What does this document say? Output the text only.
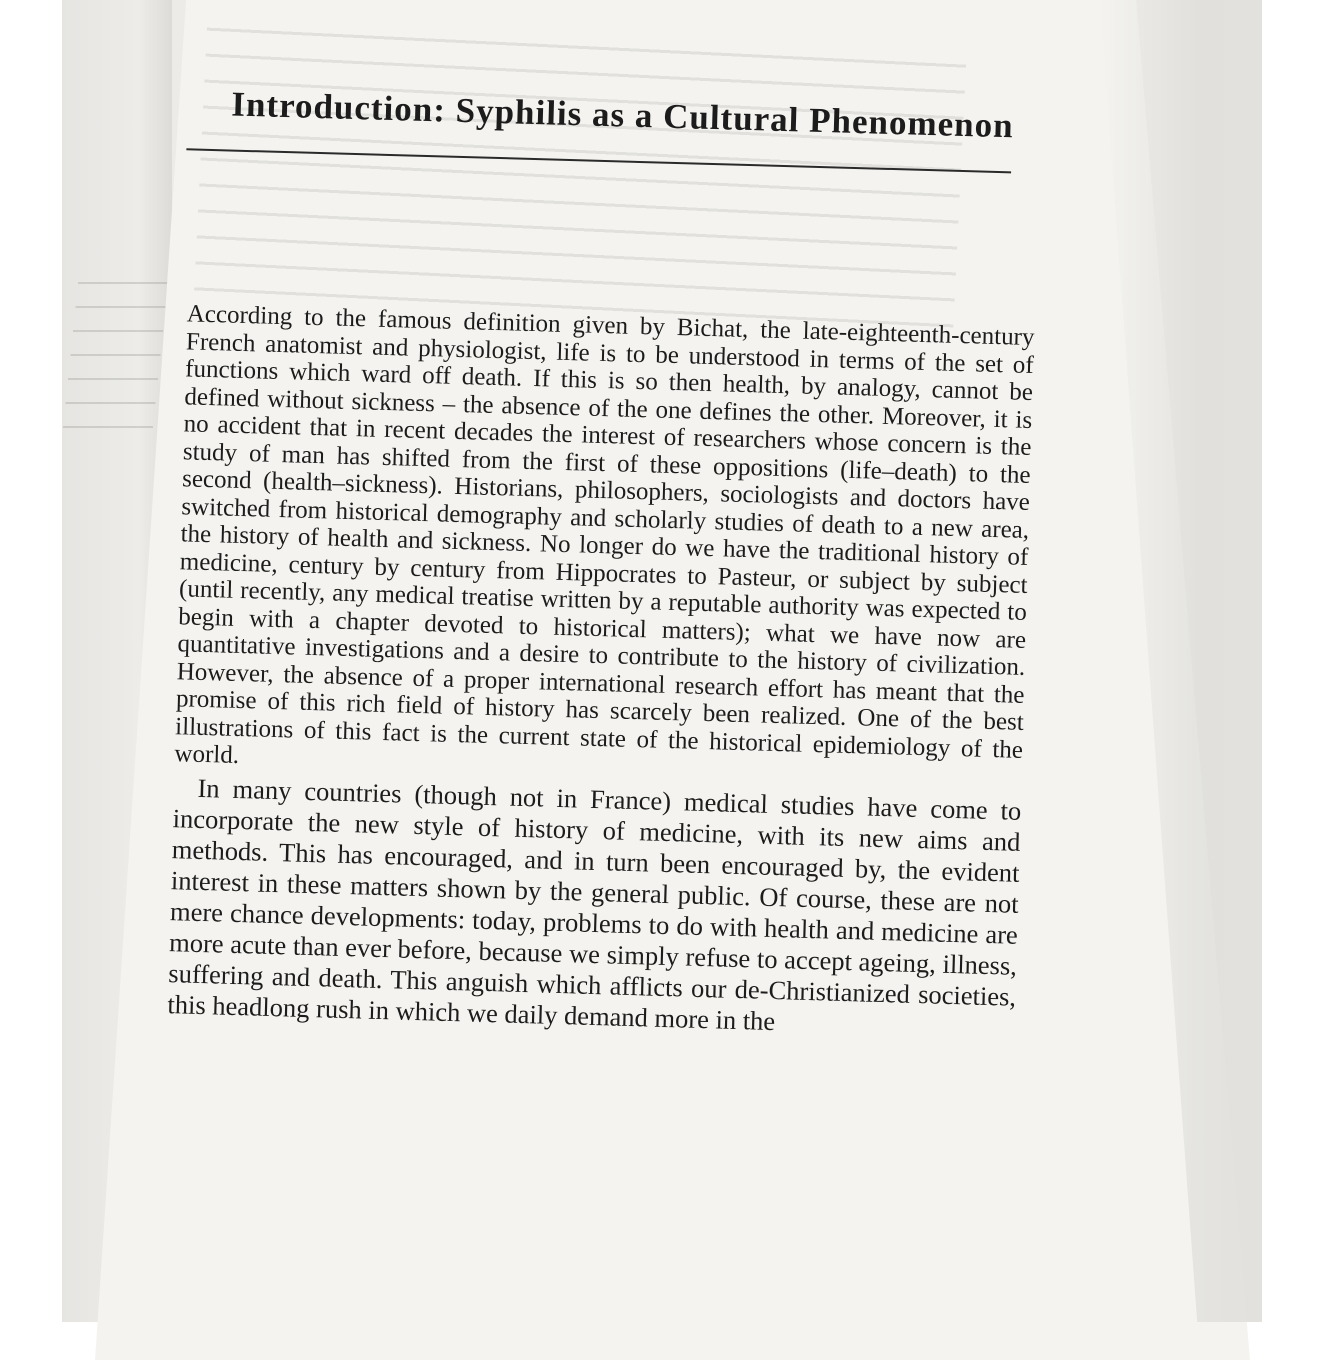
Introduction: Syphilis as a Cultural Phenomenon

According to the famous definition given by Bichat, the late-eighteenth-century French anatomist and physiologist, life is to be understood in terms of the set of functions which ward off death. If this is so then health, by analogy, cannot be defined without sickness – the absence of the one defines the other. Moreover, it is no accident that in recent decades the interest of researchers whose concern is the study of man has shifted from the first of these oppositions (life–death) to the second (health–sickness). Historians, philosophers, sociologists and doctors have switched from historical demography and scholarly studies of death to a new area, the history of health and sickness. No longer do we have the traditional history of medicine, century by century from Hippocrates to Pasteur, or subject by subject (until recently, any medical treatise written by a reputable authority was expected to begin with a chapter devoted to historical matters); what we have now are quantitative investigations and a desire to contribute to the history of civilization. However, the absence of a proper international research effort has meant that the promise of this rich field of history has scarcely been realized. One of the best illustrations of this fact is the current state of the historical epidemiology of the world.

In many countries (though not in France) medical studies have come to incorporate the new style of history of medicine, with its new aims and methods. This has encouraged, and in turn been encouraged by, the evident interest in these matters shown by the general public. Of course, these are not mere chance developments: today, problems to do with health and medicine are more acute than ever before, because we simply refuse to accept ageing, illness, suffering and death. This anguish which afflicts our de-Christianized societies, this headlong rush in which we daily demand more in the
